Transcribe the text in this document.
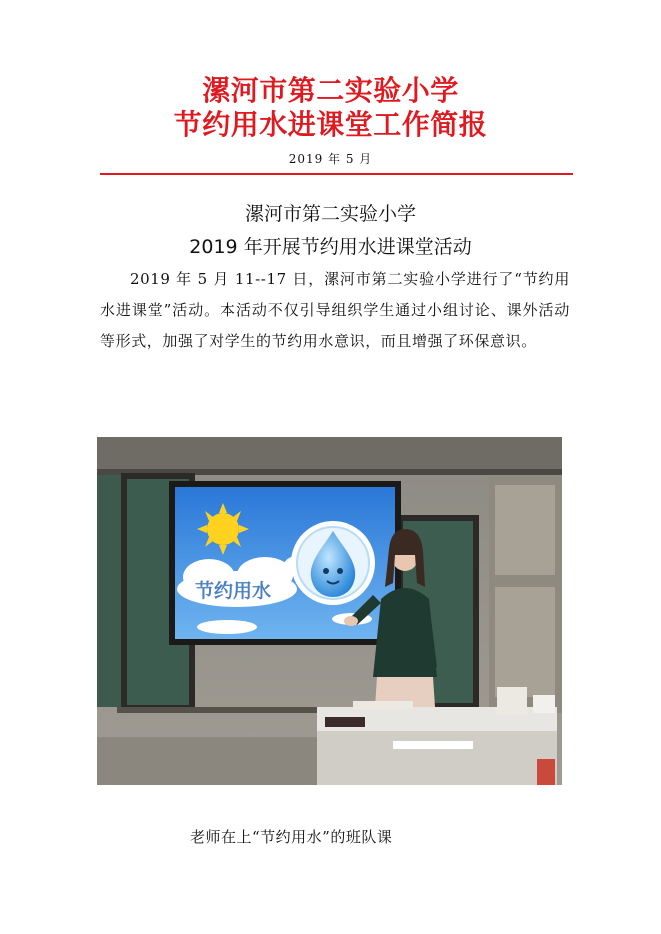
漯河市第二实验小学
节约用水进课堂工作简报
2019 年 5 月
漯河市第二实验小学
2019 年开展节约用水进课堂活动

2019 年 5 月 11--17 日，漯河市第二实验小学进行了“节约用水进课堂”活动。本活动不仅引导组织学生通过小组讨论、课外活动等形式，加强了对学生的节约用水意识，而且增强了环保意识。

节约用水
老师在上“节约用水”的班队课
